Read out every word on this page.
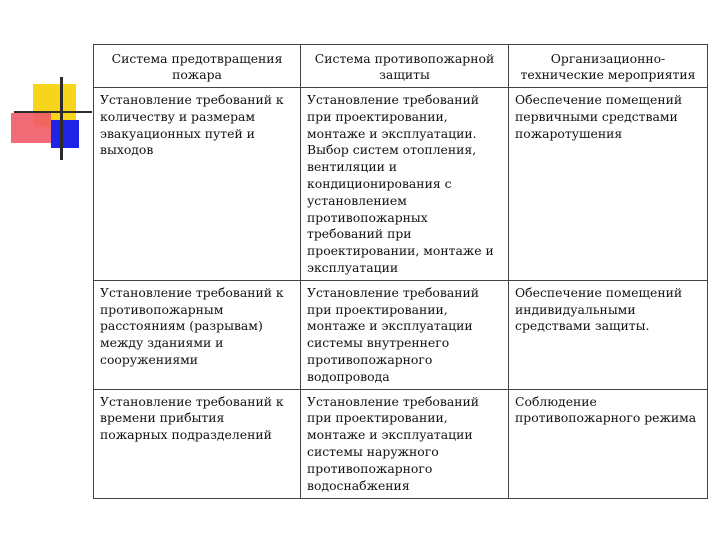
Система предотвращения пожара	Система противопожарной защиты	Организационно-технические мероприятия
Установление требований к количеству и размерам эвакуационных путей и выходов	Установление требований при проектировании, монтаже и эксплуатации. Выбор систем отопления, вентиляции и кондиционирования с установлением противопожарных требований при проектировании, монтаже и эксплуатации	Обеспечение помещений первичными средствами пожаротушения
Установление требований к противопожарным расстояниям (разрывам) между зданиями и сооружениями	Установление требований при проектировании, монтаже и эксплуатации системы внутреннего противопожарного водопровода	Обеспечение помещений индивидуальными средствами защиты.
Установление требований к времени прибытия пожарных подразделений	Установление требований при проектировании, монтаже и эксплуатации системы наружного противопожарного водоснабжения	Соблюдение противопожарного режима
